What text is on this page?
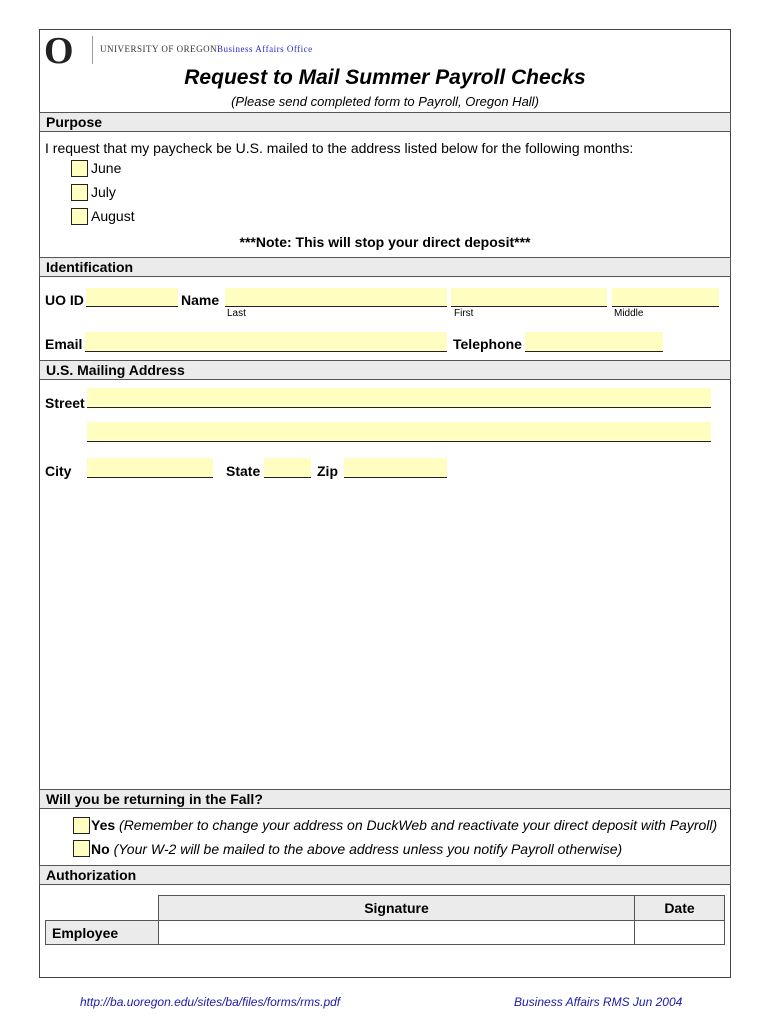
O	UNIVERSITY OF OREGON Business Affairs Office
Request to Mail Summer Payroll Checks
(Please send completed form to Payroll, Oregon Hall)
Purpose
I request that my paycheck be U.S. mailed to the address listed below for the following months:
June
July
August
***Note: This will stop your direct deposit***
Identification
UO ID	Name
Last	First	Middle
Email	Telephone
U.S. Mailing Address
Street
City	State	Zip
Will you be returning in the Fall?
Yes (Remember to change your address on DuckWeb and reactivate your direct deposit with Payroll)
No (Your W-2 will be mailed to the above address unless you notify Payroll otherwise)
Authorization
	Signature	Date
Employee		
http://ba.uoregon.edu/sites/ba/files/forms/rms.pdf	Business Affairs RMS Jun 2004
